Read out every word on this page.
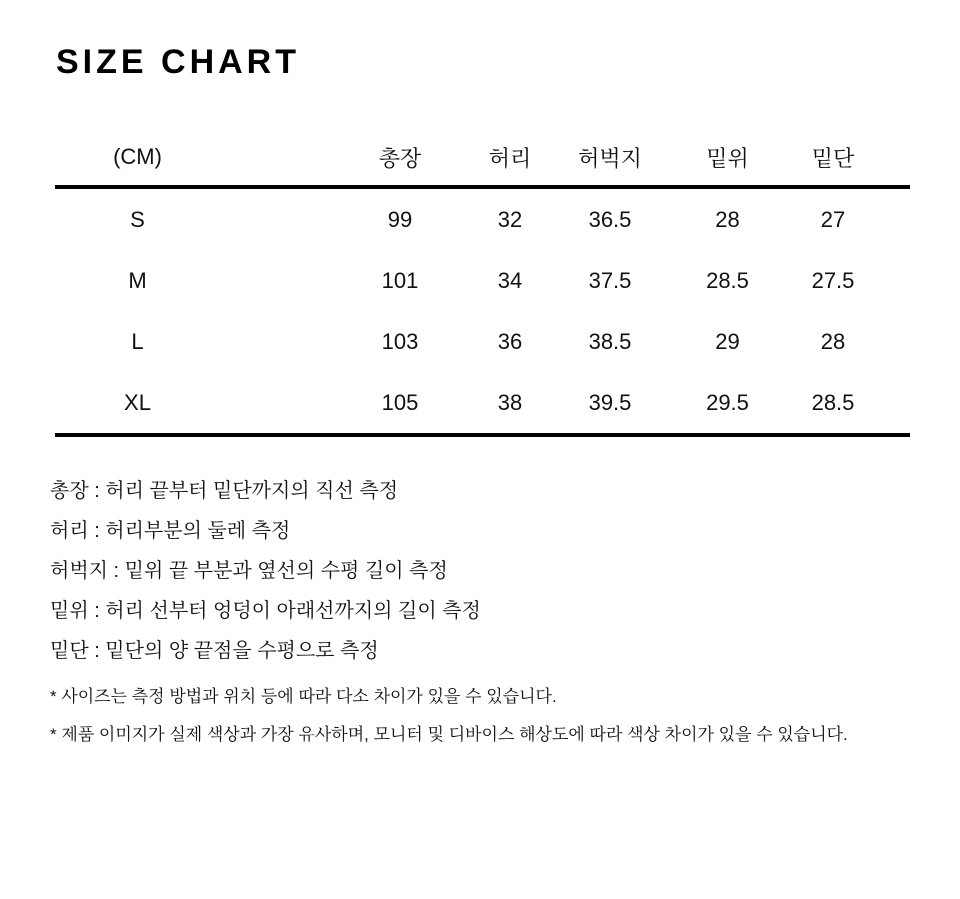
SIZE CHART
(CM)	총장	허리	허벅지	밑위	밑단
S	99	32	36.5	28	27
M	101	34	37.5	28.5	27.5
L	103	36	38.5	29	28
XL	105	38	39.5	29.5	28.5
총장 : 허리 끝부터 밑단까지의 직선 측정
허리 : 허리부분의 둘레 측정
허벅지 : 밑위 끝 부분과 옆선의 수평 길이 측정
밑위 : 허리 선부터 엉덩이 아래선까지의 길이 측정
밑단 : 밑단의 양 끝점을 수평으로 측정
* 사이즈는 측정 방법과 위치 등에 따라 다소 차이가 있을 수 있습니다.
* 제품 이미지가 실제 색상과 가장 유사하며, 모니터 및 디바이스 해상도에 따라 색상 차이가 있을 수 있습니다.
